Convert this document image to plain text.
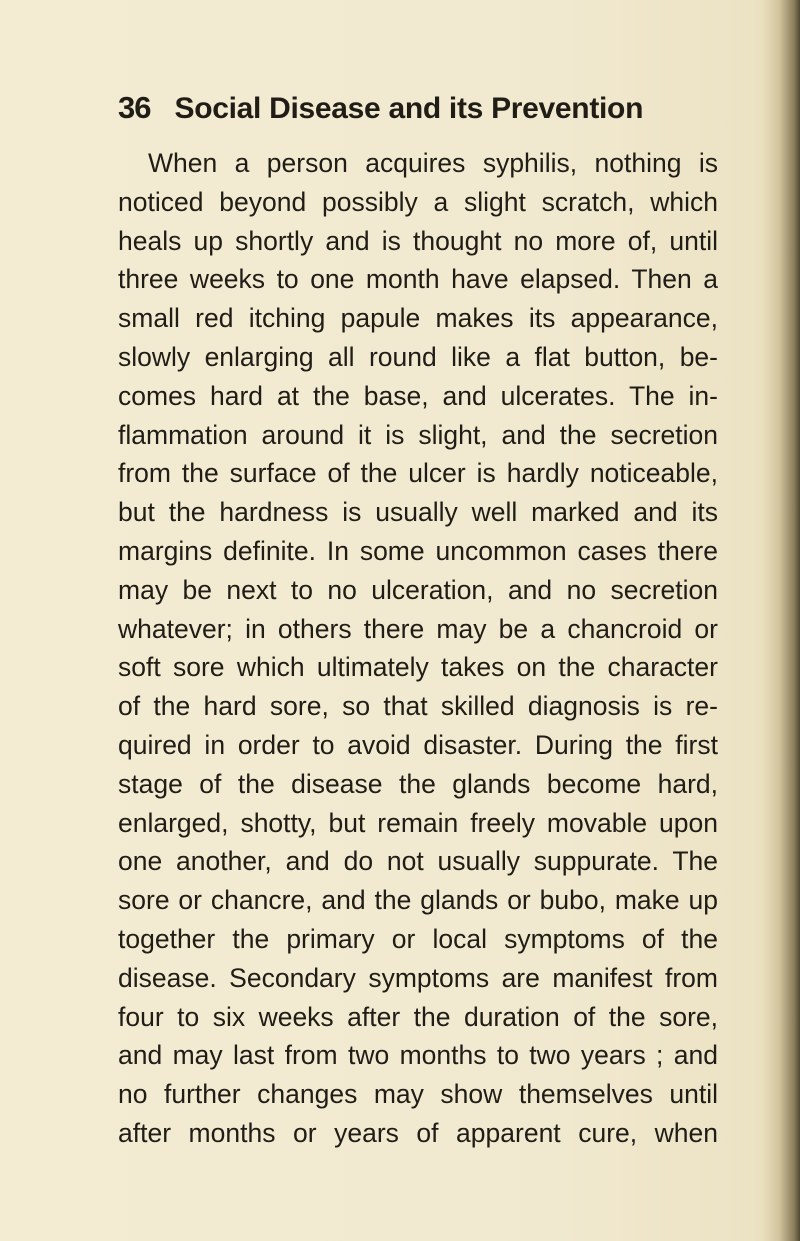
36 Social Disease and its Prevention
When a person acquires syphilis, nothing is
noticed beyond possibly a slight scratch, which
heals up shortly and is thought no more of, until
three weeks to one month have elapsed. Then a
small red itching papule makes its appearance,
slowly enlarging all round like a flat button, be-
comes hard at the base, and ulcerates. The in-
flammation around it is slight, and the secretion
from the surface of the ulcer is hardly noticeable,
but the hardness is usually well marked and its
margins definite. In some uncommon cases there
may be next to no ulceration, and no secretion
whatever; in others there may be a chancroid or
soft sore which ultimately takes on the character
of the hard sore, so that skilled diagnosis is re-
quired in order to avoid disaster. During the first
stage of the disease the glands become hard,
enlarged, shotty, but remain freely movable upon
one another, and do not usually suppurate. The
sore or chancre, and the glands or bubo, make up
together the primary or local symptoms of the
disease. Secondary symptoms are manifest from
four to six weeks after the duration of the sore,
and may last from two months to two years ; and
no further changes may show themselves until
after months or years of apparent cure, when
